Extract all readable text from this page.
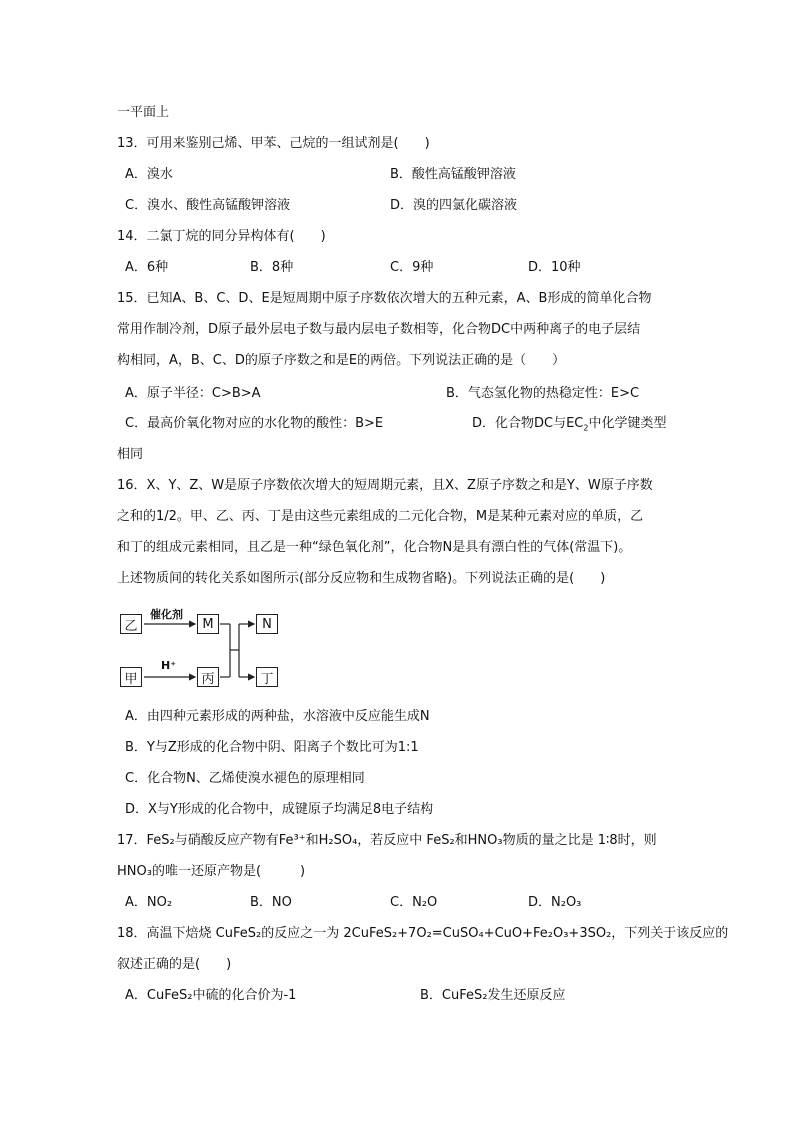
一平面上
13．可用来鉴别己烯、甲苯、己烷的一组试剂是(　　)
A．溴水	B．酸性高锰酸钾溶液
C．溴水、酸性高锰酸钾溶液	D．溴的四氯化碳溶液
14．二氯丁烷的同分异构体有(　　)
A．6种	B．8种	C．9种	D．10种
15．已知A、B、C、D、E是短周期中原子序数依次增大的五种元素，A、B形成的简单化合物
常用作制冷剂，D原子最外层电子数与最内层电子数相等，化合物DC中两种离子的电子层结
构相同，A，B、C、D的原子序数之和是E的两倍。下列说法正确的是（　　）
A．原子半径：C>B>A	B．气态氢化物的热稳定性：E>C
C．最高价氧化物对应的水化物的酸性：B>E	D．化合物DC与$EC_2$中化学键类型
相同
16．X、Y、Z、W是原子序数依次增大的短周期元素，且X、Z原子序数之和是Y、W原子序数
之和的1/2。甲、乙、丙、丁是由这些元素组成的二元化合物，M是某种元素对应的单质，乙
和丁的组成元素相同，且乙是一种“绿色氧化剂”，化合物N是具有漂白性的气体(常温下)。
上述物质间的转化关系如图所示(部分反应物和生成物省略)。下列说法正确的是(　　)
乙
甲
M
丙
N
丁
催化剂
H⁺
A．由四种元素形成的两种盐，水溶液中反应能生成N
B．Y与Z形成的化合物中阴、阳离子个数比可为1:1
C．化合物N、乙烯使溴水褪色的原理相同
D．X与Y形成的化合物中，成键原子均满足8电子结构
17．FeS₂与硝酸反应产物有Fe³⁺和H₂SO₄，若反应中 FeS₂和HNO₃物质的量之比是 1∶8时，则
HNO₃的唯一还原产物是(　　　)
A．NO₂	B．NO	C．N₂O	D．N₂O₃
18．高温下焙烧 CuFeS₂的反应之一为 2CuFeS₂+7O₂=CuSO₄+CuO+Fe₂O₃+3SO₂，下列关于该反应的
叙述正确的是(　　)
A．CuFeS₂中硫的化合价为-1	B．CuFeS₂发生还原反应
